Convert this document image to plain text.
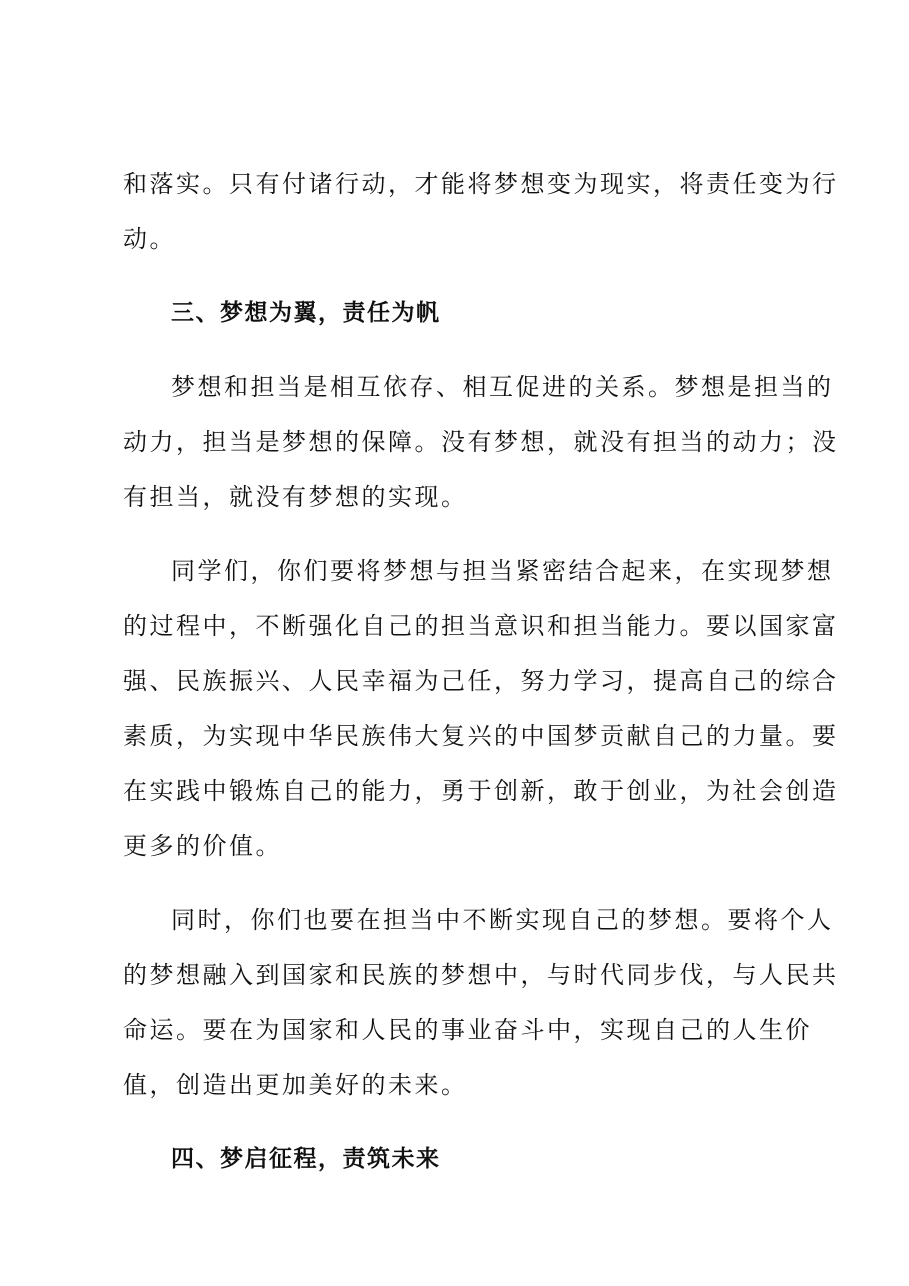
和落实。只有付诸行动，才能将梦想变为现实，将责任变为行
动。
三、梦想为翼，责任为帆
梦想和担当是相互依存、相互促进的关系。梦想是担当的
动力，担当是梦想的保障。没有梦想，就没有担当的动力；没
有担当，就没有梦想的实现。
同学们，你们要将梦想与担当紧密结合起来，在实现梦想
的过程中，不断强化自己的担当意识和担当能力。要以国家富
强、民族振兴、人民幸福为己任，努力学习，提高自己的综合
素质，为实现中华民族伟大复兴的中国梦贡献自己的力量。要
在实践中锻炼自己的能力，勇于创新，敢于创业，为社会创造
更多的价值。
同时，你们也要在担当中不断实现自己的梦想。要将个人
的梦想融入到国家和民族的梦想中，与时代同步伐，与人民共
命运。要在为国家和人民的事业奋斗中，实现自己的人生价
值，创造出更加美好的未来。
四、梦启征程，责筑未来
